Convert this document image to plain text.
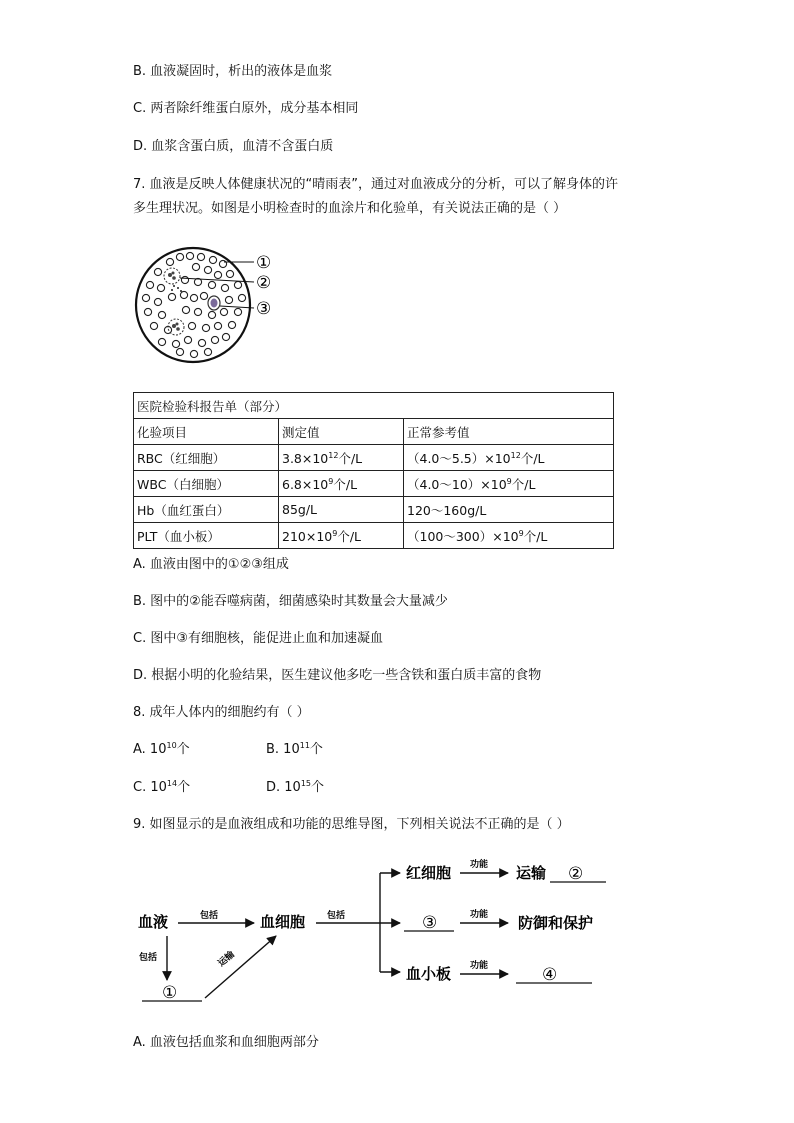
B. 血液凝固时，析出的液体是血浆
C. 两者除纤维蛋白原外，成分基本相同
D. 血浆含蛋白质，血清不含蛋白质
7. 血液是反映人体健康状况的“晴雨表”，通过对血液成分的分析，可以了解身体的许
多生理状况。如图是小明检查时的血涂片和化验单，有关说法正确的是（ ）
①
②
③
医院检验科报告单（部分）		
化验项目	测定值	正常参考值
RBC（红细胞）	$3.8\times 10^{12}$个/L	$(4.0\sim 5.5)\times 10^{12}$个/L
WBC（白细胞）	$6.8\times 10^9$个/L	$(4.0\sim 10)\times 10^9$个/L
Hb（血红蛋白）	85g/L	120～160g/L
PLT（血小板）	$210\times 10^9$个/L	$(100\sim 300)\times 10^9$个/L
A. 血液由图中的①②③组成
B. 图中的②能吞噬病菌，细菌感染时其数量会大量减少
C. 图中③有细胞核，能促进止血和加速凝血
D. 根据小明的化验结果，医生建议他多吃一些含铁和蛋白质丰富的食物
8. 成年人体内的细胞约有（ ）
A. $10^{10}$个	B. $10^{11}$个
C. $10^{14}$个	D. $10^{15}$个
9. 如图显示的是血液组成和功能的思维导图，下列相关说法不正确的是（ ）
血液	包括
包括
①
运输
血细胞 包括
红细胞 功能 运输 ②
③	功能 防御和保护
血小板 功能	④
A. 血液包括血浆和血细胞两部分
